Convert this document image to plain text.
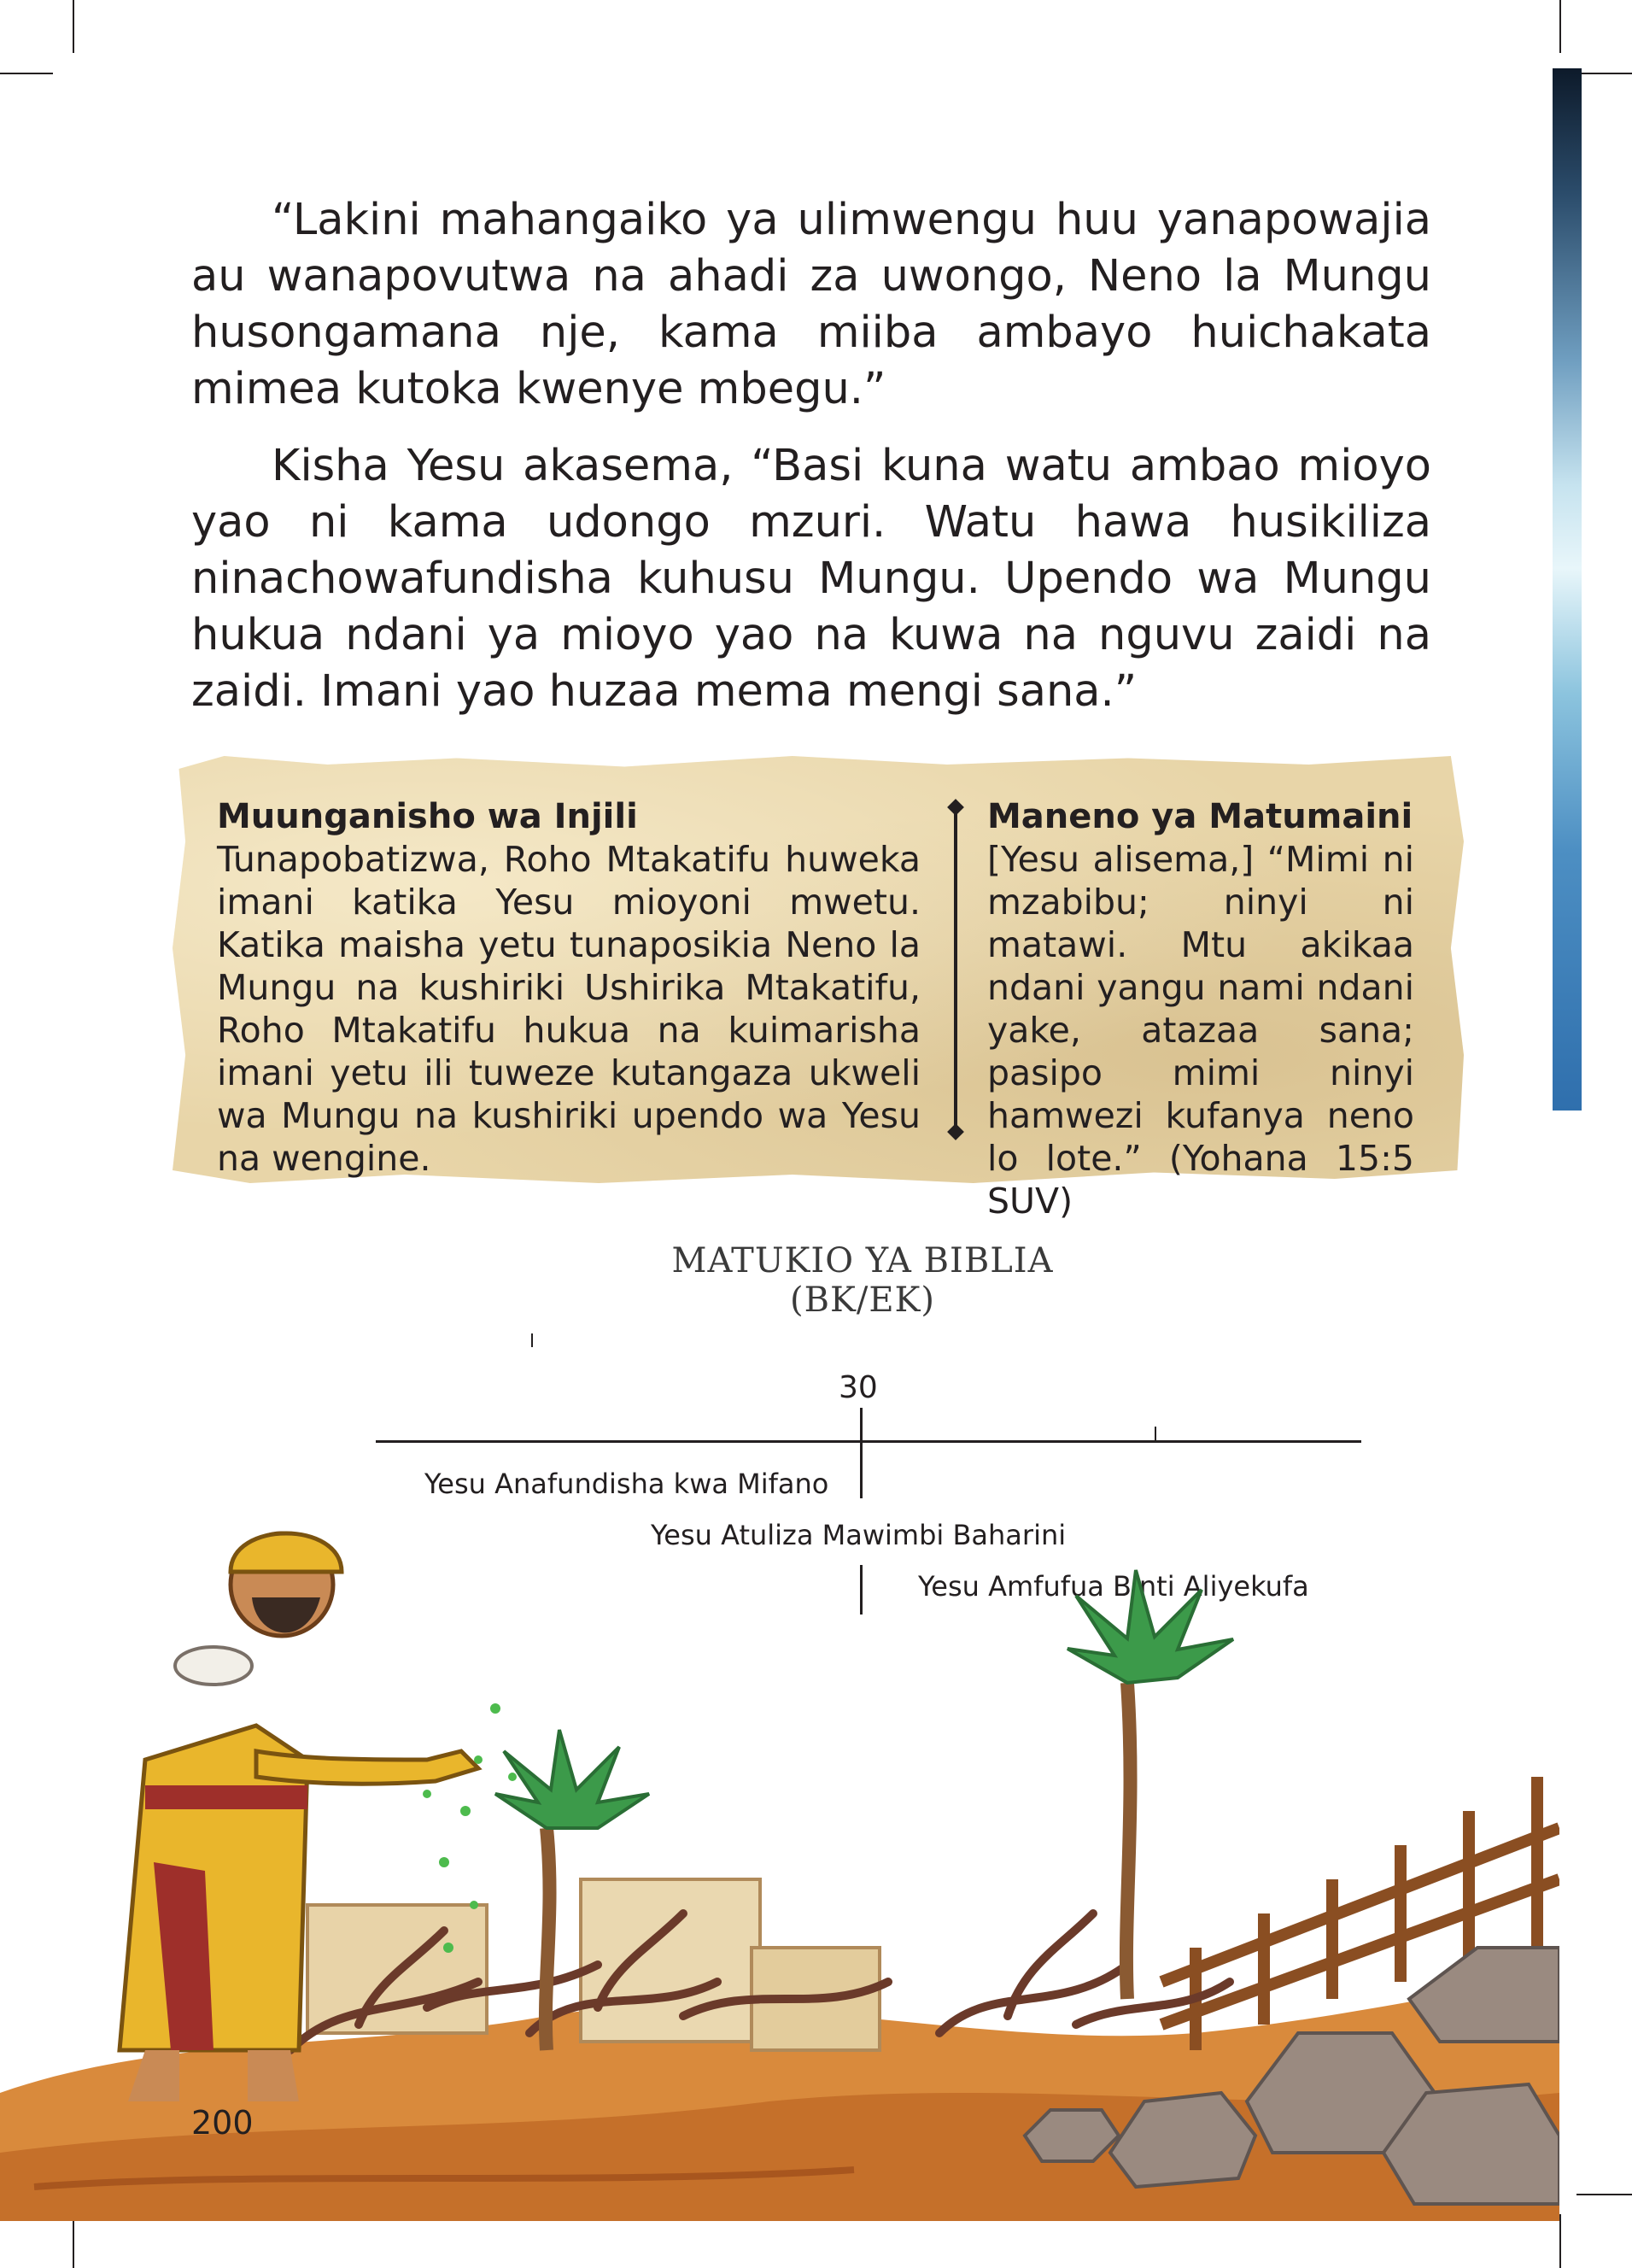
“Lakini mahangaiko ya ulimwengu huu yanapowajia au wanapovutwa na ahadi za uwongo, Neno la Mungu husongamana nje, kama miiba ambayo huichakata mimea kutoka kwenye mbegu.”

Kisha Yesu akasema, “Basi kuna watu ambao mioyo yao ni kama udongo mzuri. Watu hawa husikiliza ninachowafundisha kuhusu Mungu. Upendo wa Mungu hukua ndani ya mioyo yao na kuwa na nguvu zaidi na zaidi. Imani yao huzaa mema mengi sana.”

Muunganisho wa Injili
Tunapobatizwa, Roho Mtakatifu huweka imani katika Yesu mioyoni mwetu. Katika maisha yetu tunaposikia Neno la Mungu na kushiriki Ushirika Mtakatifu, Roho Mtakatifu hukua na kuimarisha imani yetu ili tuweze kutangaza ukweli wa Mungu na kushiriki upendo wa Yesu na wengine.
Maneno ya Matumaini
[Yesu alisema,] “Mimi ni mzabibu; ninyi ni matawi. Mtu akikaa ndani yangu nami ndani yake, atazaa sana; pasipo mimi ninyi hamwezi kufanya neno lo lote.” (Yohana 15:5 SUV)
MATUKIO YA BIBLIA
(BK/EK)
30
Yesu Anafundisha kwa Mifano
Yesu Atuliza Mawimbi Baharini
Yesu Amfufua Binti Aliyekufa
200
